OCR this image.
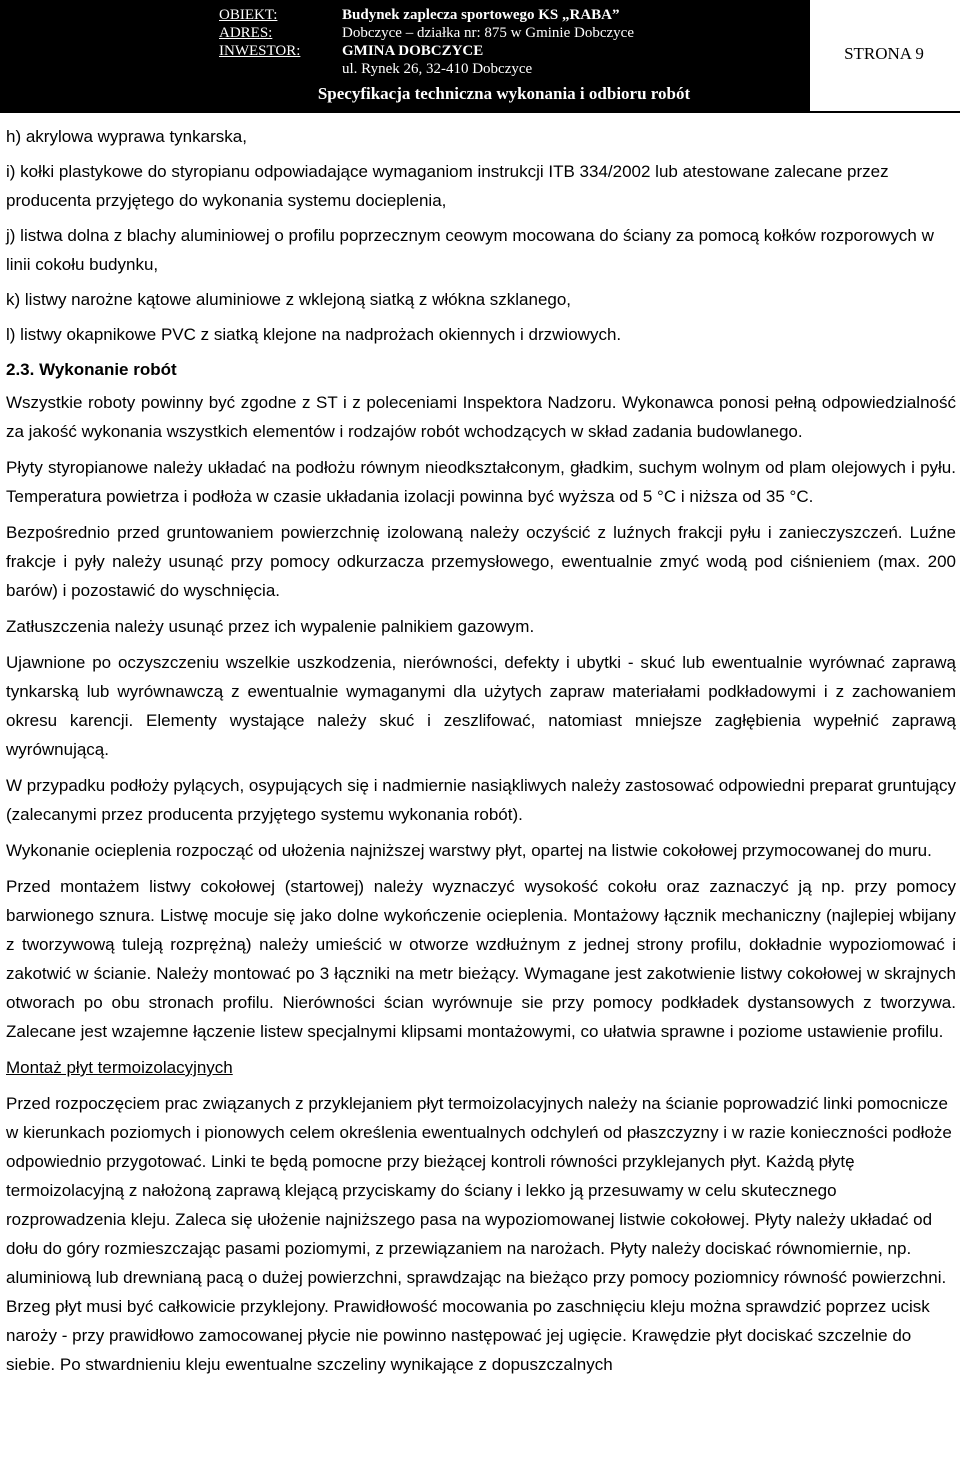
OBIEKT:	Budynek zaplecza sportowego KS „RABA”
ADRES:	Dobczyce – działka nr: 875 w Gminie Dobczyce
INWESTOR:	GMINA DOBCZYCE
ul. Rynek 26, 32-410 Dobczyce
Specyfikacja techniczna wykonania i odbioru robót
STRONA 9

h) akrylowa wyprawa tynkarska,

i) kołki plastykowe do styropianu odpowiadające wymaganiom instrukcji ITB 334/2002 lub atestowane zalecane przez producenta przyjętego do wykonania systemu docieplenia,

j) listwa dolna z blachy aluminiowej o profilu poprzecznym ceowym mocowana do ściany za pomocą kołków rozporowych w linii cokołu budynku,

k) listwy narożne kątowe aluminiowe z wklejoną siatką z włókna szklanego,

l) listwy okapnikowe PVC z siatką klejone na nadprożach okiennych i drzwiowych.

2.3. Wykonanie robót

Wszystkie roboty powinny być zgodne z ST i z poleceniami Inspektora Nadzoru. Wykonawca ponosi pełną odpowiedzialność za jakość wykonania wszystkich elementów i rodzajów robót wchodzących w skład zadania budowlanego.

Płyty styropianowe należy układać na podłożu równym nieodkształconym, gładkim, suchym wolnym od plam olejowych i pyłu. Temperatura powietrza i podłoża w czasie układania izolacji powinna być wyższa od 5 °C i niższa od 35 °C.

Bezpośrednio przed gruntowaniem powierzchnię izolowaną należy oczyścić z luźnych frakcji pyłu i zanieczyszczeń. Luźne frakcje i pyły należy usunąć przy pomocy odkurzacza przemysłowego, ewentualnie zmyć wodą pod ciśnieniem (max. 200 barów) i pozostawić do wyschnięcia.

Zatłuszczenia należy usunąć przez ich wypalenie palnikiem gazowym.

Ujawnione po oczyszczeniu wszelkie uszkodzenia, nierówności, defekty i ubytki - skuć lub ewentualnie wyrównać zaprawą tynkarską lub wyrównawczą z ewentualnie wymaganymi dla użytych zapraw materiałami podkładowymi i z zachowaniem okresu karencji. Elementy wystające należy skuć i zeszlifować, natomiast mniejsze zagłębienia wypełnić zaprawą wyrównującą.

W przypadku podłoży pylących, osypujących się i nadmiernie nasiąkliwych należy zastosować odpowiedni preparat gruntujący (zalecanymi przez producenta przyjętego systemu wykonania robót).

Wykonanie ocieplenia rozpocząć od ułożenia najniższej warstwy płyt, opartej na listwie cokołowej przymocowanej do muru.

Przed montażem listwy cokołowej (startowej) należy wyznaczyć wysokość cokołu oraz zaznaczyć ją np. przy pomocy barwionego sznura. Listwę mocuje się jako dolne wykończenie ocieplenia. Montażowy łącznik mechaniczny (najlepiej wbijany z tworzywową tuleją rozprężną) należy umieścić w otworze wzdłużnym z jednej strony profilu, dokładnie wypoziomować i zakotwić w ścianie. Należy montować po 3 łączniki na metr bieżący. Wymagane jest zakotwienie listwy cokołowej w skrajnych otworach po obu stronach profilu. Nierówności ścian wyrównuje sie przy pomocy podkładek dystansowych z tworzywa. Zalecane jest wzajemne łączenie listew specjalnymi klipsami montażowymi, co ułatwia sprawne i poziome ustawienie profilu.

Montaż płyt termoizolacyjnych

Przed rozpoczęciem prac związanych z przyklejaniem płyt termoizolacyjnych należy na ścianie poprowadzić linki pomocnicze w kierunkach poziomych i pionowych celem określenia ewentualnych odchyleń od płaszczyzny i w razie konieczności podłoże odpowiednio przygotować. Linki te będą pomocne przy bieżącej kontroli równości przyklejanych płyt. Każdą płytę termoizolacyjną z nałożoną zaprawą klejącą przyciskamy do ściany i lekko ją przesuwamy w celu skutecznego rozprowadzenia kleju. Zaleca się ułożenie najniższego pasa na wypoziomowanej listwie cokołowej. Płyty należy układać od dołu do góry rozmieszczając pasami poziomymi, z przewiązaniem na narożach. Płyty należy dociskać równomiernie, np. aluminiową lub drewnianą pacą o dużej powierzchni, sprawdzając na bieżąco przy pomocy poziomnicy równość powierzchni. Brzeg płyt musi być całkowicie przyklejony. Prawidłowość mocowania po zaschnięciu kleju można sprawdzić poprzez ucisk naroży - przy prawidłowo zamocowanej płycie nie powinno następować jej ugięcie. Krawędzie płyt dociskać szczelnie do siebie. Po stwardnieniu kleju ewentualne szczeliny wynikające z dopuszczalnych
